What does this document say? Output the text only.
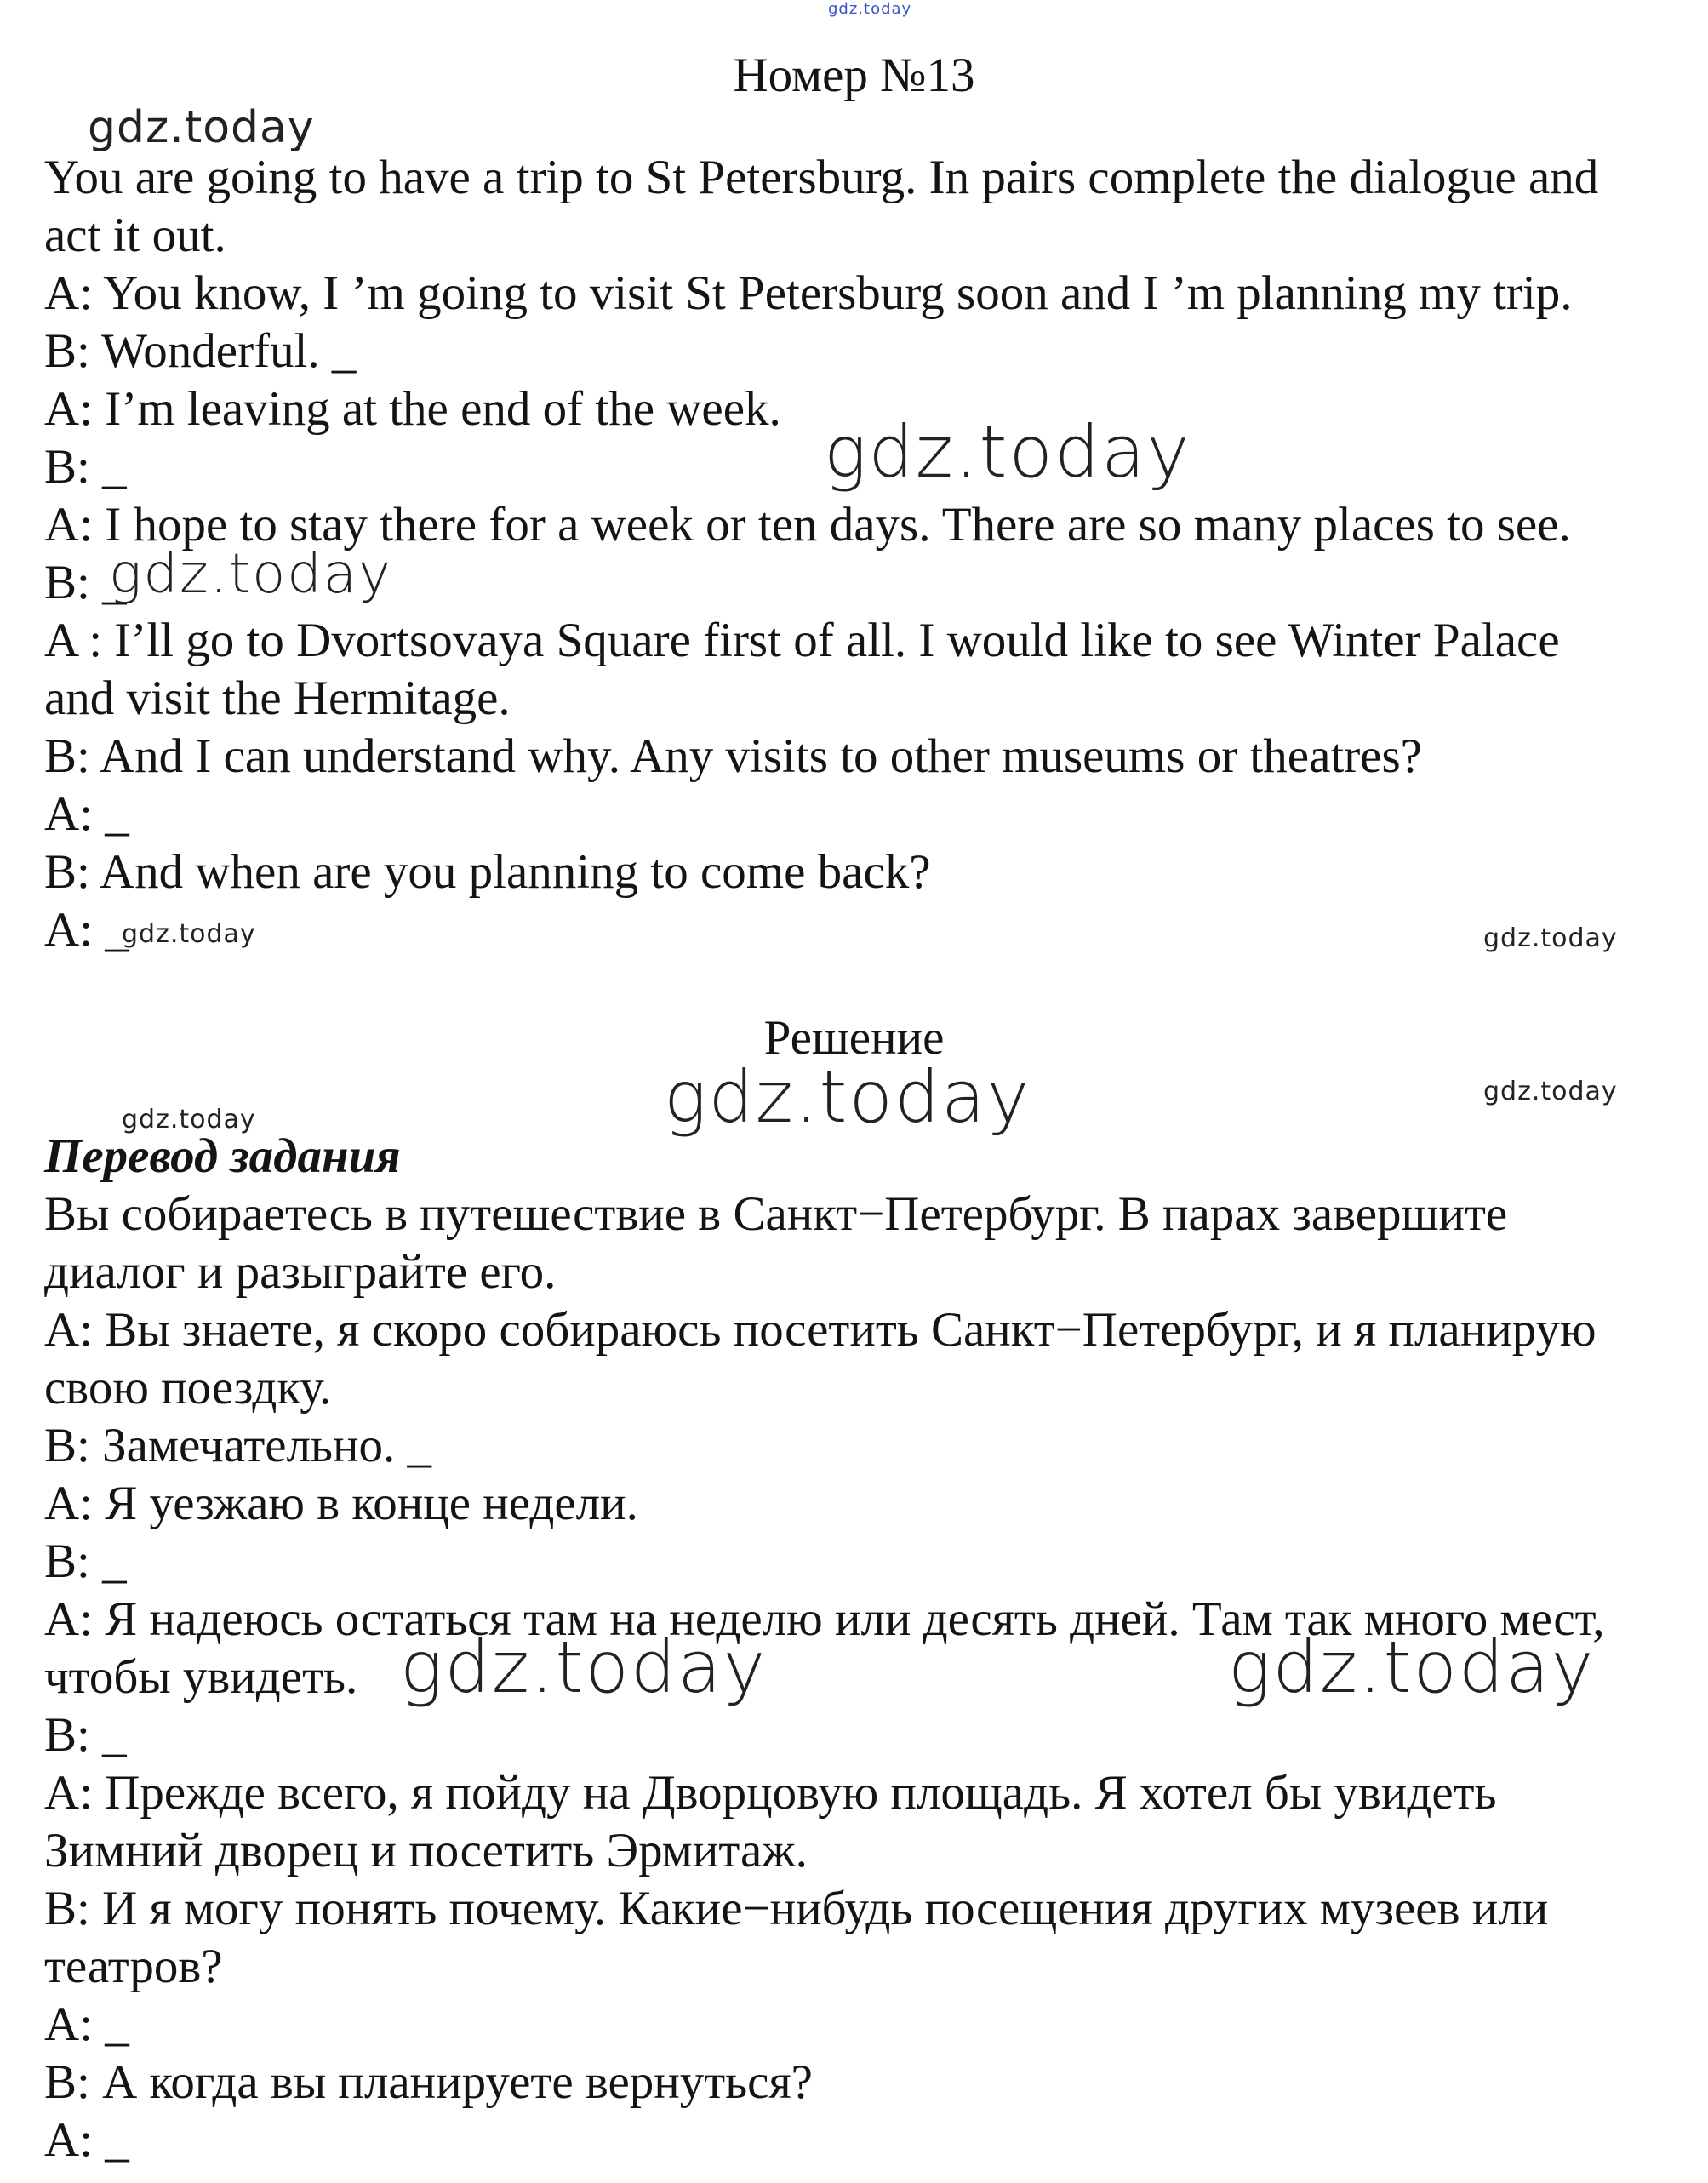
Номер №13

You are going to have a trip to St Petersburg. In pairs complete the dialogue and

act it out.

A: You know, I ’m going to visit St Petersburg soon and I ’m planning my trip.

B: Wonderful. _

A: I’m leaving at the end of the week.

B: _

A: I hope to stay there for a week or ten days. There are so many places to see.

B: _

A : I’ll go to Dvortsovaya Square first of all. I would like to see Winter Palace

and visit the Hermitage.

B: And I can understand why. Any visits to other museums or theatres?

A: _

B: And when are you planning to come back?

A: _

Решение

Перевод задания

Вы собираетесь в путешествие в Санкт−Петербург. В парах завершите

диалог и разыграйте его.

А: Вы знаете, я скоро собираюсь посетить Санкт−Петербург, и я планирую

свою поездку.

В: Замечательно. _

А: Я уезжаю в конце недели.

В: _

А: Я надеюсь остаться там на неделю или десять дней. Там так много мест,

чтобы увидеть.

В: _

А: Прежде всего, я пойду на Дворцовую площадь. Я хотел бы увидеть

Зимний дворец и посетить Эрмитаж.

В: И я могу понять почему. Какие−нибудь посещения других музеев или

театров?

А: _

В: А когда вы планируете вернуться?

А: _

gdz.today
gdz.today
gdz.today
gdz.today
gdz.today	gdz.today
gdz.today	gdz.today
gdz.today
gdz.today	gdz.today
